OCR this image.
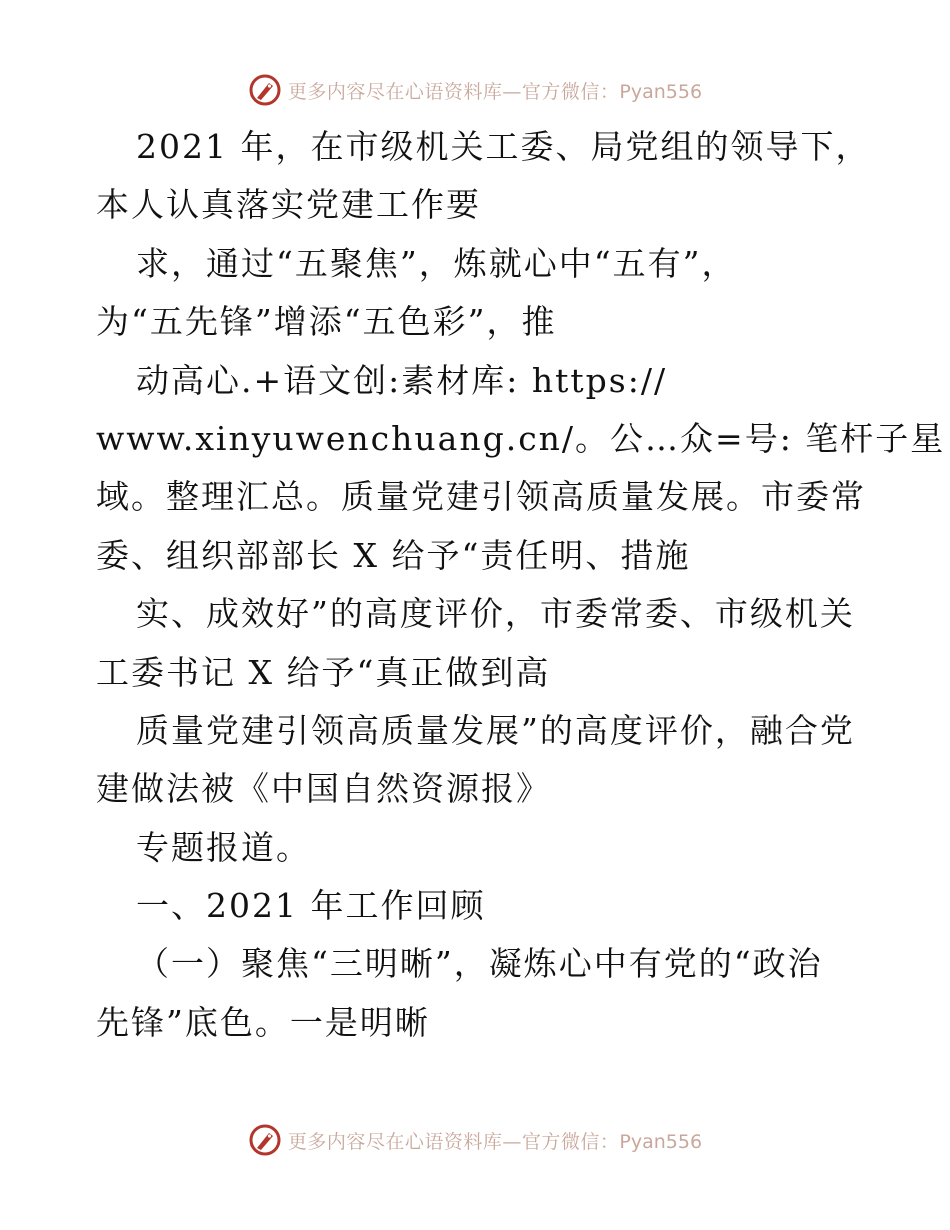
更多内容尽在心语资料库—官方微信：Pyan556
2021 年，在市级机关工委、局党组的领导下，
本人认真落实党建工作要
求，通过“五聚焦”，炼就心中“五有”，
为“五先锋”增添“五色彩”，推
动高心.+语文创:素材库: https://
www.xinyuwenchuang.cn/。公…众=号: 笔杆子星
域。整理汇总。质量党建引领高质量发展。市委常
委、组织部部长 X 给予“责任明、措施
实、成效好”的高度评价，市委常委、市级机关
工委书记 X 给予“真正做到高
质量党建引领高质量发展”的高度评价，融合党
建做法被《中国自然资源报》
专题报道。
一、2021 年工作回顾
（一）聚焦“三明晰”，凝炼心中有党的“政治
先锋”底色。一是明晰
更多内容尽在心语资料库—官方微信：Pyan556
